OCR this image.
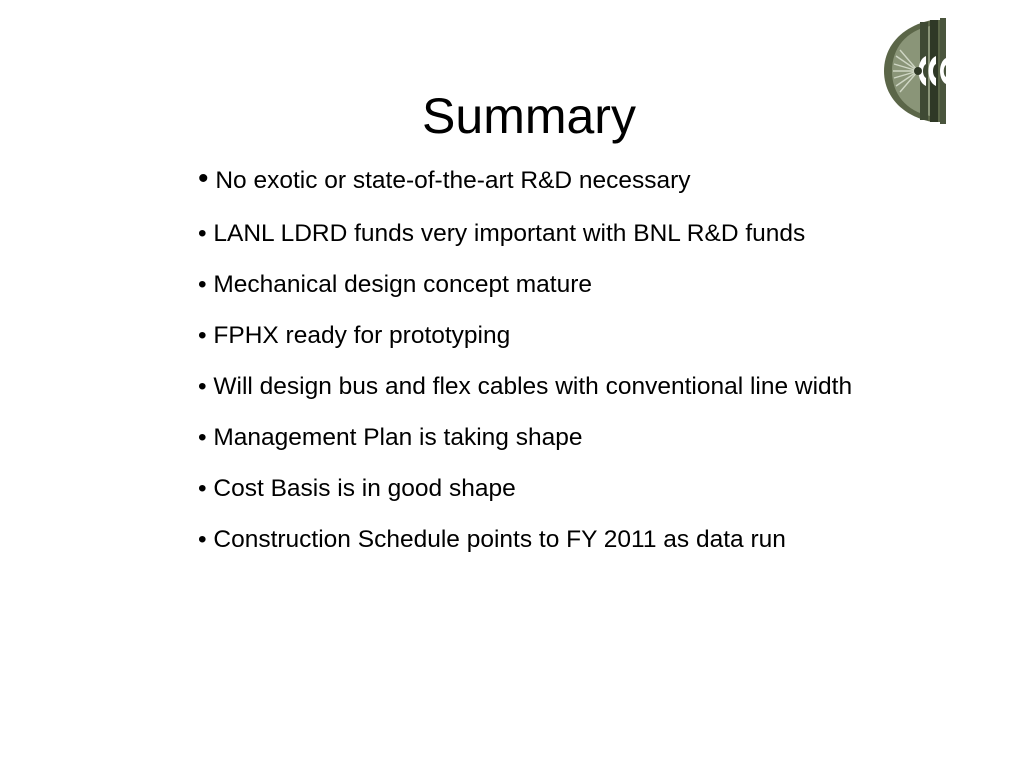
Summary
• No exotic or state-of-the-art R&D necessary
• LANL LDRD funds very important with BNL R&D funds
• Mechanical design concept mature
• FPHX ready for prototyping
• Will design bus and flex cables with conventional line width
• Management Plan is taking shape
• Cost Basis is in good shape
• Construction Schedule points to FY 2011 as data run
